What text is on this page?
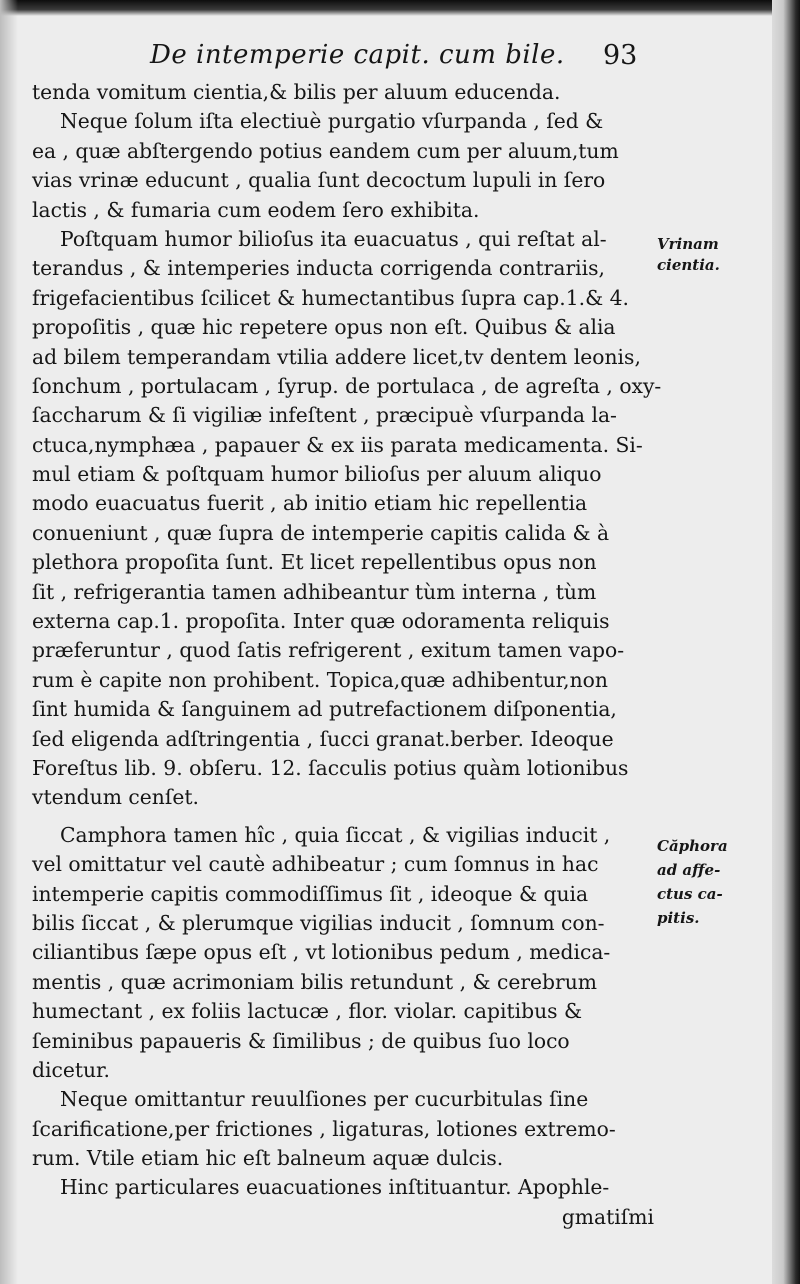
De intemperie capit. cum bile.	93
tenda vomitum cientia,& bilis per aluum educenda.
Neque ſolum iſta electiuè purgatio vſurpanda , ſed &
ea , quæ abſtergendo potius eandem cum per aluum,tum
vias vrinæ educunt , qualia ſunt decoctum lupuli in ſero
lactis , & fumaria cum eodem ſero exhibita.
Poſtquam humor bilioſus ita euacuatus , qui reſtat al-
terandus , & intemperies inducta corrigenda contrariis,
frigefacientibus ſcilicet & humectantibus ſupra cap.1.& 4.
propoſitis , quæ hic repetere opus non eſt. Quibus & alia
ad bilem temperandam vtilia addere licet,tv dentem leonis,
ſonchum , portulacam , ſyrup. de portulaca , de agreſta , oxy-
ſaccharum & ſi vigiliæ infeſtent , præcipuè vſurpanda la-
ctuca,nymphæa , papauer & ex iis parata medicamenta. Si-
mul etiam & poſtquam humor bilioſus per aluum aliquo
modo euacuatus fuerit , ab initio etiam hic repellentia
conueniunt , quæ ſupra de intemperie capitis calida & à
plethora propoſita ſunt. Et licet repellentibus opus non
ſit , refrigerantia tamen adhibeantur tùm interna , tùm
externa cap.1. propoſita. Inter quæ odoramenta reliquis
præferuntur , quod ſatis refrigerent , exitum tamen vapo-
rum è capite non prohibent. Topica,quæ adhibentur,non
ſint humida & ſanguinem ad putrefactionem diſponentia,
ſed eligenda adſtringentia , ſucci granat.berber. Ideoque
Foreſtus lib. 9. obſeru. 12. ſacculis potius quàm lotionibus
vtendum cenſet.
Camphora tamen hîc , quia ſiccat , & vigilias inducit ,
vel omittatur vel cautè adhibeatur ; cum ſomnus in hac
intemperie capitis commodiſſimus ſit , ideoque & quia
bilis ſiccat , & plerumque vigilias inducit , ſomnum con-
ciliantibus ſæpe opus eſt , vt lotionibus pedum , medica-
mentis , quæ acrimoniam bilis retundunt , & cerebrum
humectant , ex foliis lactucæ , flor. violar. capitibus &
ſeminibus papaueris & ſimilibus ; de quibus ſuo loco
dicetur.
Neque omittantur reuulſiones per cucurbitulas ſine
ſcarificatione,per frictiones , ligaturas, lotiones extremo-
rum. Vtile etiam hic eſt balneum aquæ dulcis.
Hinc particulares euacuationes inſtituantur. Apophle-
gmatiſmi
Vrinam
cientia.
Căphora
ad affe-
ctus ca-
pitis.
